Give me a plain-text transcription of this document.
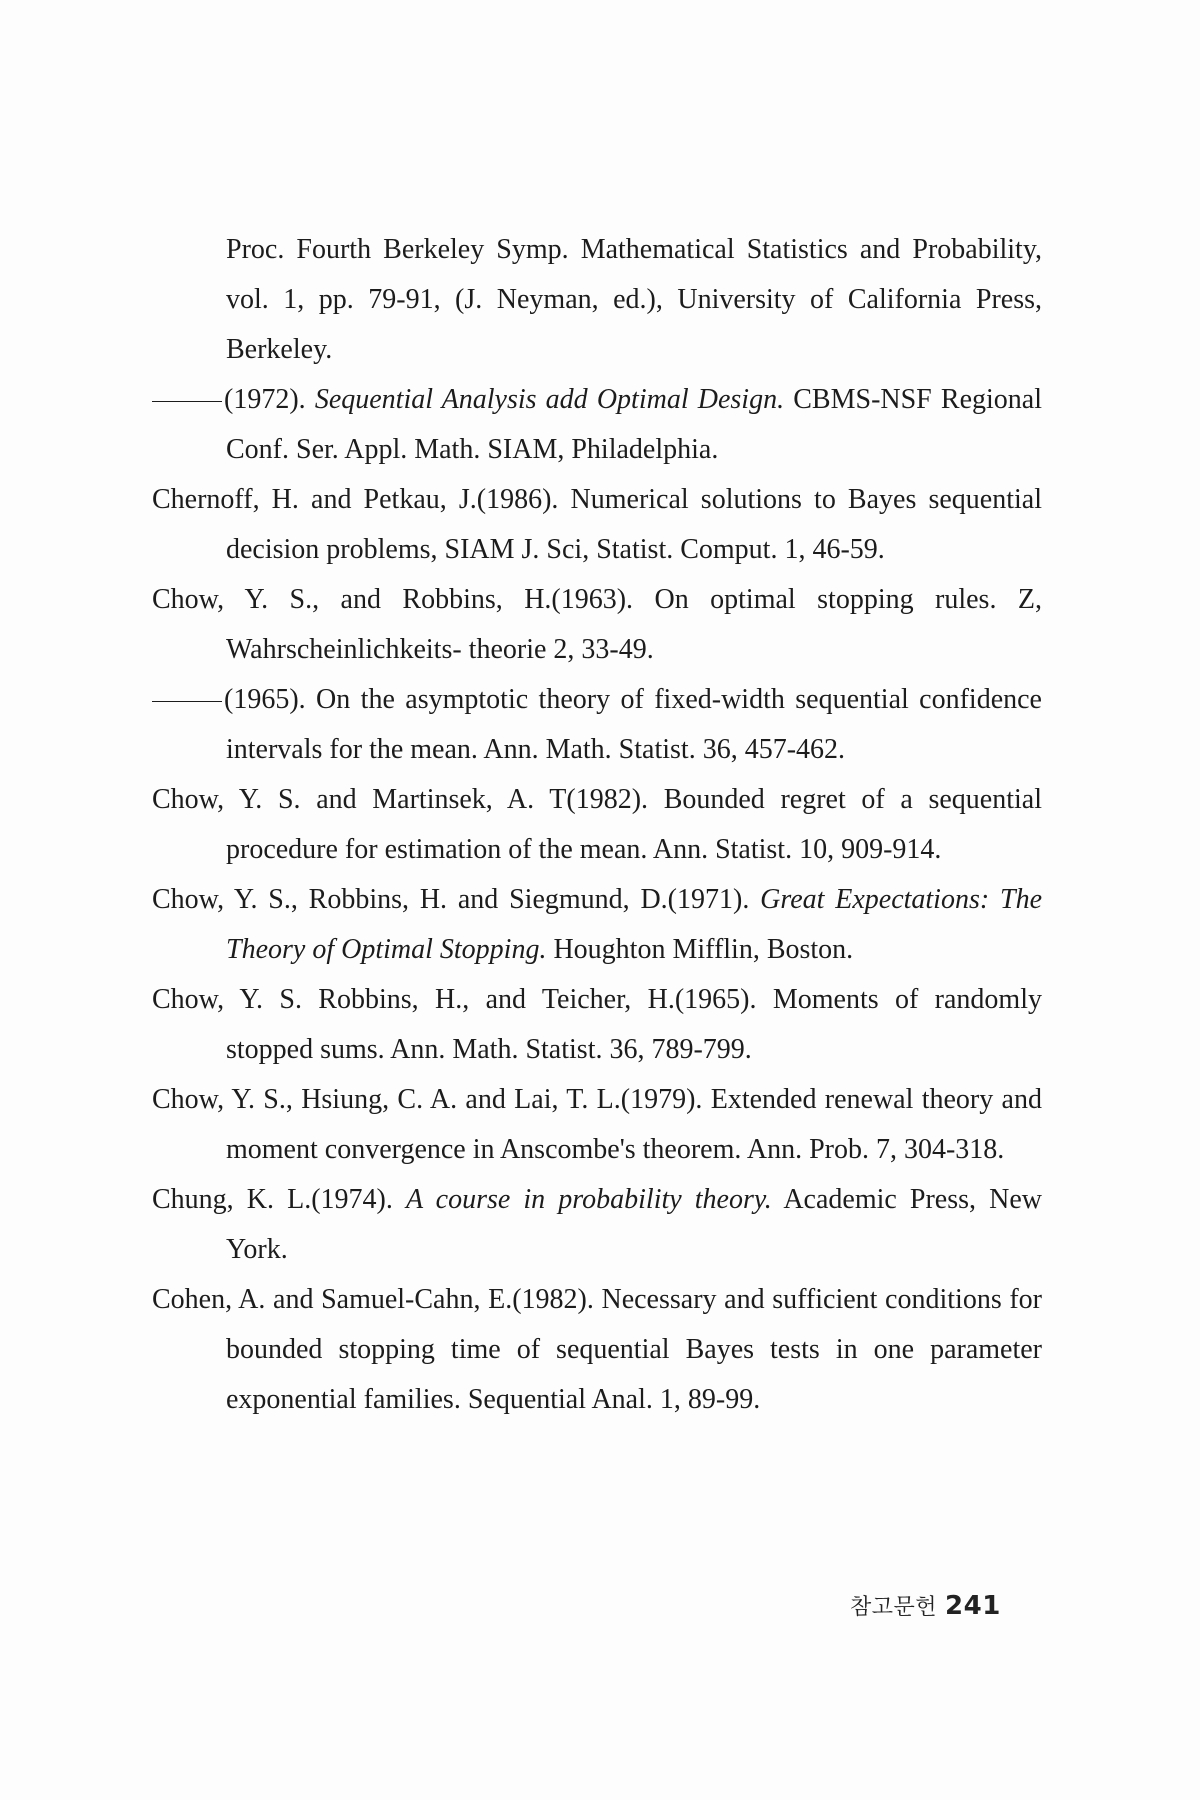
Proc. Fourth Berkeley Symp. Mathematical Statistics and Probability, vol. 1, pp. 79-91, (J. Neyman, ed.), University of California Press, Berkeley.
(1972). Sequential Analysis add Optimal Design. CBMS-NSF Regional Conf. Ser. Appl. Math. SIAM, Philadelphia.
Chernoff, H. and Petkau, J.(1986). Numerical solutions to Bayes sequential decision problems, SIAM J. Sci, Statist. Comput. 1, 46-59.
Chow, Y. S., and Robbins, H.(1963). On optimal stopping rules. Z, Wahrscheinlichkeits- theorie 2, 33-49.
(1965). On the asymptotic theory of fixed-width sequential confidence intervals for the mean. Ann. Math. Statist. 36, 457-462.
Chow, Y. S. and Martinsek, A. T(1982). Bounded regret of a sequential procedure for estimation of the mean. Ann. Statist. 10, 909-914.
Chow, Y. S., Robbins, H. and Siegmund, D.(1971). Great Expectations: The Theory of Optimal Stopping. Houghton Mifflin, Boston.
Chow, Y. S. Robbins, H., and Teicher, H.(1965). Moments of randomly stopped sums. Ann. Math. Statist. 36, 789-799.
Chow, Y. S., Hsiung, C. A. and Lai, T. L.(1979). Extended renewal theory and moment convergence in Anscombe's theorem. Ann. Prob. 7, 304-318.
Chung, K. L.(1974). A course in probability theory. Academic Press, New York.
Cohen, A. and Samuel-Cahn, E.(1982). Necessary and sufficient conditions for bounded stopping time of sequential Bayes tests in one parameter exponential families. Sequential Anal. 1, 89-99.
참고문헌 241
